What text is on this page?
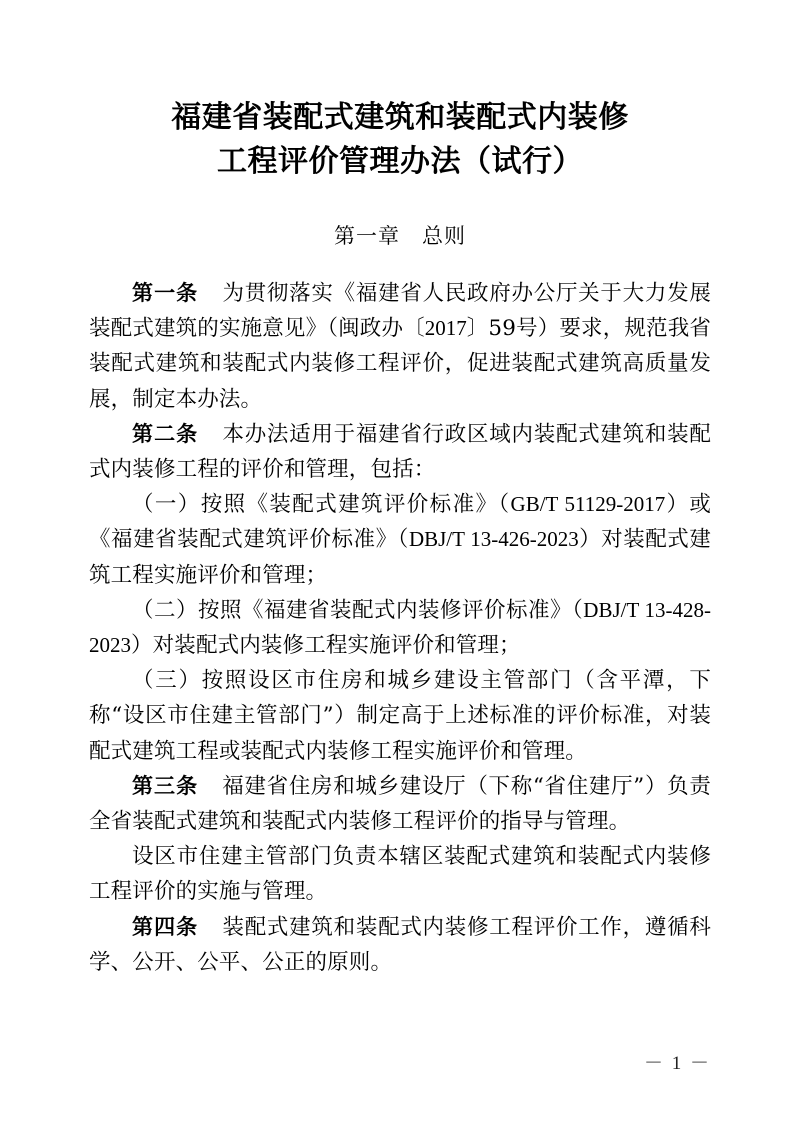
福建省装配式建筑和装配式内装修
工程评价管理办法（试行）
第一章　总则

第一条 为贯彻落实《福建省人民政府办公厅关于大力发展装配式建筑的实施意见》（闽政办〔2017〕59号）要求，规范我省装配式建筑和装配式内装修工程评价，促进装配式建筑高质量发展，制定本办法。

第二条 本办法适用于福建省行政区域内装配式建筑和装配式内装修工程的评价和管理，包括：

（一）按照《装配式建筑评价标准》（GB/T 51129-2017）或《福建省装配式建筑评价标准》（DBJ/T 13-426-2023）对装配式建筑工程实施评价和管理；

（二）按照《福建省装配式内装修评价标准》（DBJ/T 13-428-2023）对装配式内装修工程实施评价和管理；

（三）按照设区市住房和城乡建设主管部门（含平潭，下称“设区市住建主管部门”）制定高于上述标准的评价标准，对装配式建筑工程或装配式内装修工程实施评价和管理。

第三条 福建省住房和城乡建设厅（下称“省住建厅”）负责全省装配式建筑和装配式内装修工程评价的指导与管理。

设区市住建主管部门负责本辖区装配式建筑和装配式内装修工程评价的实施与管理。

第四条 装配式建筑和装配式内装修工程评价工作，遵循科学、公开、公平、公正的原则。

－ 1 －
